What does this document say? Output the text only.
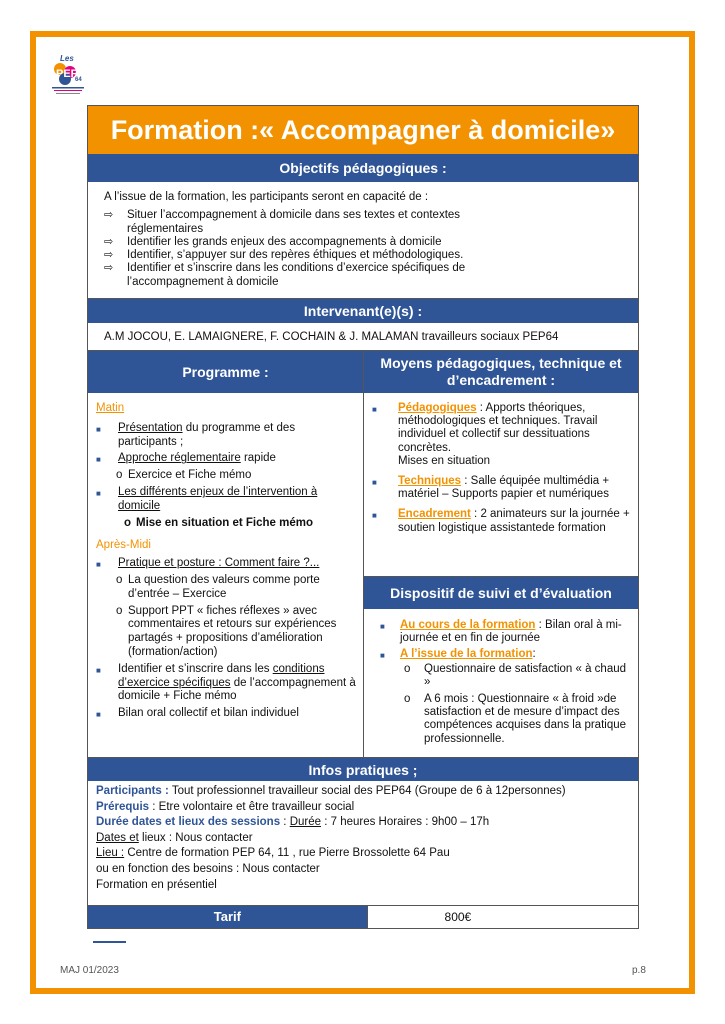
Les
PEP
64
Formation :« Accompagner à domicile»
Objectifs pédagogiques :
A l’issue de la formation, les participants seront en capacité de :
⇨ Situer l’accompagnement à domicile dans ses textes et contextes réglementaires
⇨ Identifier les grands enjeux des accompagnements à domicile
⇨ Identifier, s’appuyer sur des repères éthiques et méthodologiques.
⇨ Identifier et s’inscrire dans les conditions d’exercice spécifiques de l’accompagnement à domicile
Intervenant(e)(s) :
A.M JOCOU, E. LAMAIGNERE, F. COCHAIN & J. MALAMAN travailleurs sociaux PEP64
Programme :
Matin
■ Présentation du programme et des participants ;
■ Approche réglementaire rapide
o Exercice et Fiche mémo
■ Les différents enjeux de l’intervention à domicile
o Mise en situation et Fiche mémo
Après-Midi
■ Pratique et posture : Comment faire ?...
o La question des valeurs comme porte d’entrée – Exercice
o Support PPT « fiches réflexes » avec commentaires et retours sur expériences partagés + propositions d’amélioration (formation/action)
■ Identifier et s’inscrire dans les conditions d’exercice spécifiques de l’accompagnement à domicile + Fiche mémo
■ Bilan oral collectif et bilan individuel
Moyens pédagogiques, technique et d’encadrement :
■ Pédagogiques : Apports théoriques, méthodologiques et techniques. Travail individuel et collectif sur dessituations concrètes.
Mises en situation
■ Techniques : Salle équipée multimédia + matériel – Supports papier et numériques
■ Encadrement : 2 animateurs sur la journée + soutien logistique assistantede formation
Dispositif de suivi et d’évaluation
■ Au cours de la formation : Bilan oral à mi-journée et en fin de journée
■ A l’issue de la formation:
o Questionnaire de satisfaction « à chaud »
o A 6 mois : Questionnaire « à froid »de satisfaction et de mesure d’impact des compétences acquises dans la pratique professionnelle.
Infos pratiques ;
Participants : Tout professionnel travailleur social des PEP64 (Groupe de 6 à 12personnes)
Prérequis : Etre volontaire et être travailleur social
Durée dates et lieux des sessions : Durée : 7 heures Horaires : 9h00 – 17h
Dates et lieux : Nous contacter
Lieu : Centre de formation PEP 64, 11 , rue Pierre Brossolette 64 Pau
ou en fonction des besoins : Nous contacter
Formation en présentiel
Tarif	800€
MAJ 01/2023	p.8
